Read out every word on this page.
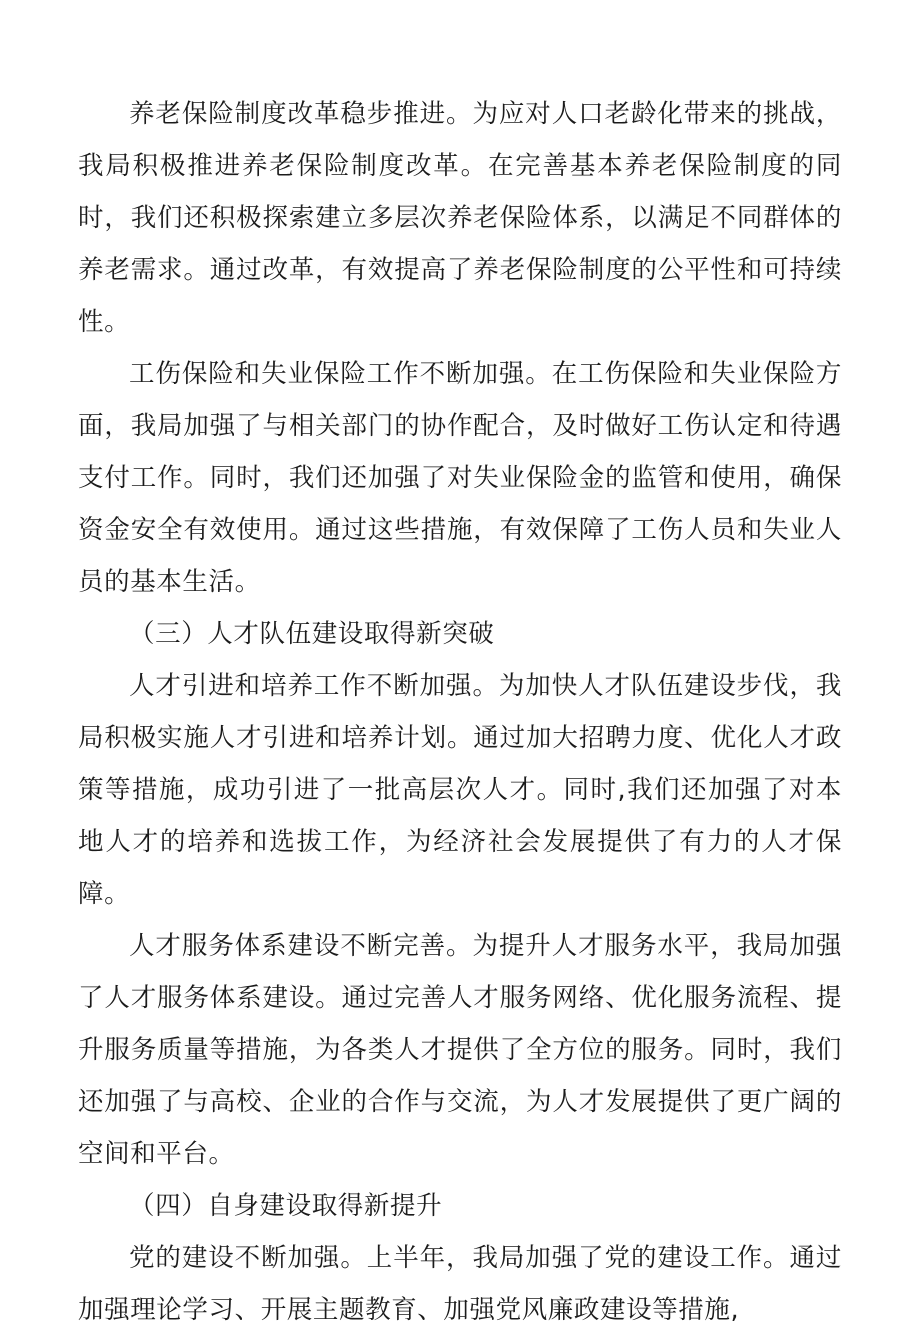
养老保险制度改革稳步推进。为应对人口老龄化带来的挑战，我局积极推进养老保险制度改革。在完善基本养老保险制度的同时，我们还积极探索建立多层次养老保险体系，以满足不同群体的养老需求。通过改革，有效提高了养老保险制度的公平性和可持续性。

工伤保险和失业保险工作不断加强。在工伤保险和失业保险方面，我局加强了与相关部门的协作配合，及时做好工伤认定和待遇支付工作。同时，我们还加强了对失业保险金的监管和使用，确保资金安全有效使用。通过这些措施，有效保障了工伤人员和失业人员的基本生活。

（三）人才队伍建设取得新突破

人才引进和培养工作不断加强。为加快人才队伍建设步伐，我局积极实施人才引进和培养计划。通过加大招聘力度、优化人才政策等措施，成功引进了一批高层次人才。同时,我们还加强了对本地人才的培养和选拔工作，为经济社会发展提供了有力的人才保障。

人才服务体系建设不断完善。为提升人才服务水平，我局加强了人才服务体系建设。通过完善人才服务网络、优化服务流程、提升服务质量等措施，为各类人才提供了全方位的服务。同时，我们还加强了与高校、企业的合作与交流，为人才发展提供了更广阔的空间和平台。

（四）自身建设取得新提升

党的建设不断加强。上半年，我局加强了党的建设工作。通过加强理论学习、开展主题教育、加强党风廉政建设等措施,
